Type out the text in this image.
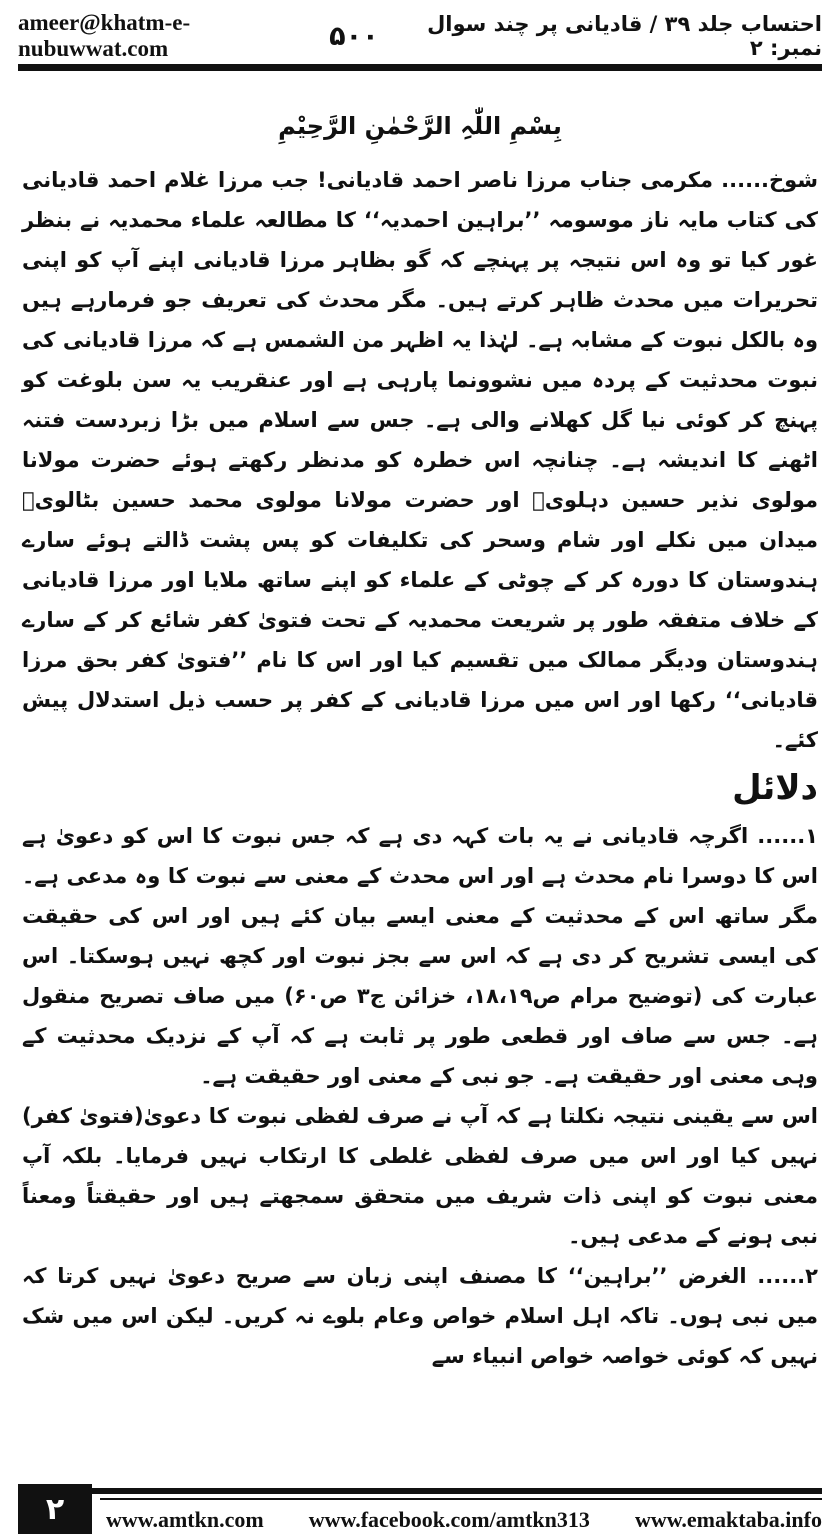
ameer@khatm-e-nubuwwat.com	۵۰۰	احتساب جلد ۳۹ / قادیانی پر چند سوال نمبر: ۲
بِسْمِ اللّٰہِ الرَّحْمٰنِ الرَّحِیْمِ

شوخ...... مکرمی جناب مرزا ناصر احمد قادیانی! جب مرزا غلام احمد قادیانی کی کتاب مایہ ناز موسومہ ’’براہین احمدیہ‘‘ کا مطالعہ علماء محمدیہ نے بنظر غور کیا تو وہ اس نتیجہ پر پہنچے کہ گو بظاہر مرزا قادیانی اپنے آپ کو اپنی تحریرات میں محدث ظاہر کرتے ہیں۔ مگر محدث کی تعریف جو فرمارہے ہیں وہ بالکل نبوت کے مشابہ ہے۔ لہٰذا یہ اظہر من الشمس ہے کہ مرزا قادیانی کی نبوت محدثیت کے پردہ میں نشوونما پارہی ہے اور عنقریب یہ سن بلوغت کو پہنچ کر کوئی نیا گل کھلانے والی ہے۔ جس سے اسلام میں بڑا زبردست فتنہ اٹھنے کا اندیشہ ہے۔ چنانچہ اس خطرہ کو مدنظر رکھتے ہوئے حضرت مولانا مولوی نذیر حسین دہلویؒ اور حضرت مولانا مولوی محمد حسین بٹالویؒ میدان میں نکلے اور شام وسحر کی تکلیفات کو پس پشت ڈالتے ہوئے سارے ہندوستان کا دورہ کر کے چوٹی کے علماء کو اپنے ساتھ ملایا اور مرزا قادیانی کے خلاف متفقہ طور پر شریعت محمدیہ کے تحت فتویٰ کفر شائع کر کے سارے ہندوستان ودیگر ممالک میں تقسیم کیا اور اس کا نام ’’فتویٰ کفر بحق مرزا قادیانی‘‘ رکھا اور اس میں مرزا قادیانی کے کفر پر حسب ذیل استدلال پیش کئے۔

دلائل

۱...... اگرچہ قادیانی نے یہ بات کہہ دی ہے کہ جس نبوت کا اس کو دعویٰ ہے اس کا دوسرا نام محدث ہے اور اس محدث کے معنی سے نبوت کا وہ مدعی ہے۔ مگر ساتھ اس کے محدثیت کے معنی ایسے بیان کئے ہیں اور اس کی حقیقت کی ایسی تشریح کر دی ہے کہ اس سے بجز نبوت اور کچھ نہیں ہوسکتا۔ اس عبارت کی (توضیح مرام ص۱۸،۱۹، خزائن ج۳ ص۶۰) میں صاف تصریح منقول ہے۔ جس سے صاف اور قطعی طور پر ثابت ہے کہ آپ کے نزدیک محدثیت کے وہی معنی اور حقیقت ہے۔ جو نبی کے معنی اور حقیقت ہے۔

(فتویٰ کفر) اس سے یقینی نتیجہ نکلتا ہے کہ آپ نے صرف لفظی نبوت کا دعویٰ نہیں کیا اور اس میں صرف لفظی غلطی کا ارتکاب نہیں فرمایا۔ بلکہ آپ معنی نبوت کو اپنی ذات شریف میں متحقق سمجھتے ہیں اور حقیقتاً ومعناً نبی ہونے کے مدعی ہیں۔

۲...... الغرض ’’براہین‘‘ کا مصنف اپنی زبان سے صریح دعویٰ نہیں کرتا کہ میں نبی ہوں۔ تاکہ اہل اسلام خواص وعام بلوے نہ کریں۔ لیکن اس میں شک نہیں کہ کوئی خواصہ خواص انبیاء سے

۲	www.amtkn.com www.facebook.com/amtkn313 www.emaktaba.info
